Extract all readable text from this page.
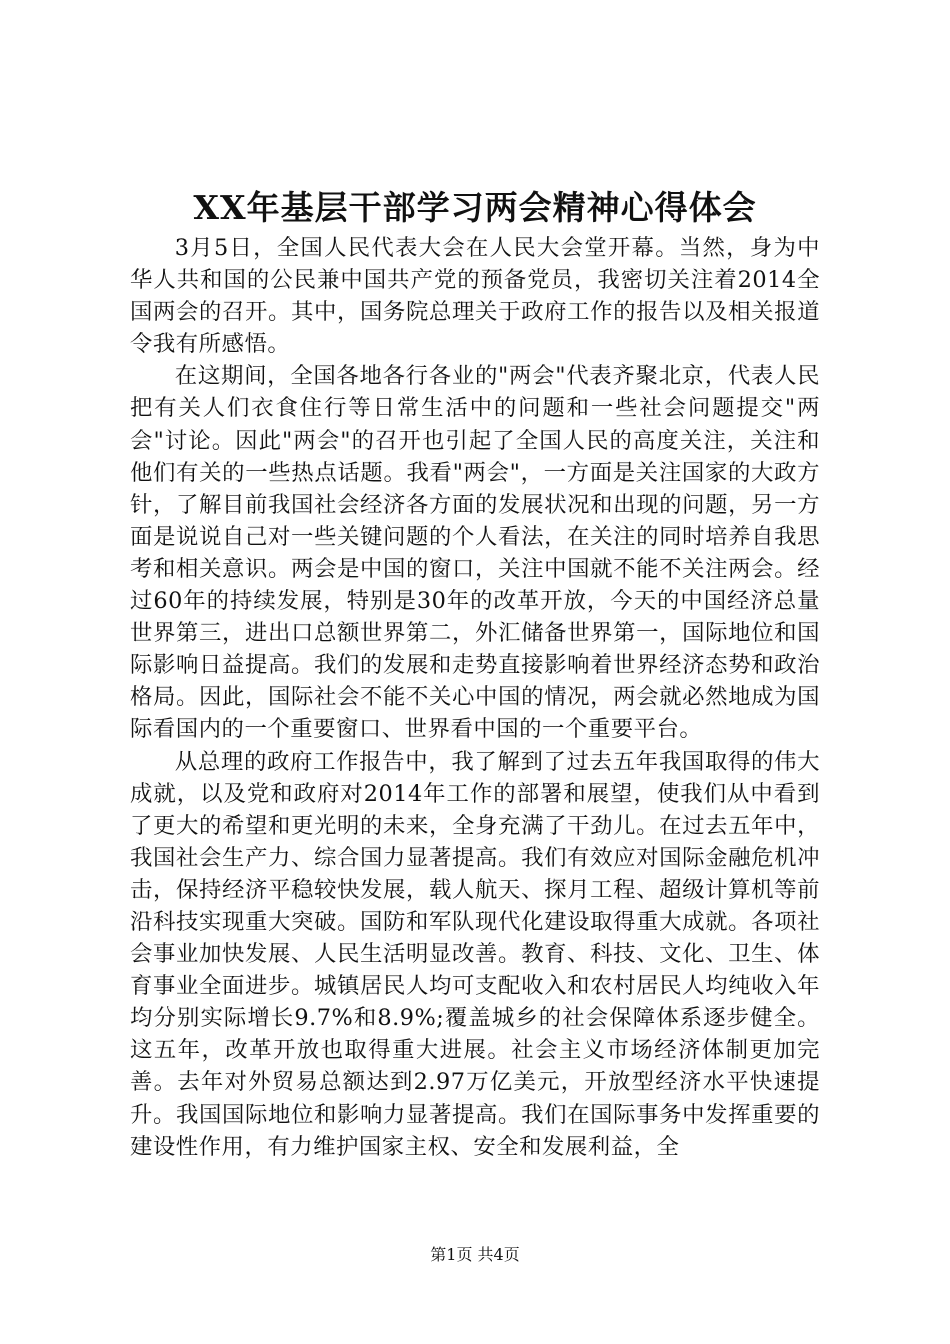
XX年基层干部学习两会精神心得体会

3月5日，全国人民代表大会在人民大会堂开幕。当然，身为中华人共和国的公民兼中国共产党的预备党员，我密切关注着2014全国两会的召开。其中，国务院总理关于政府工作的报告以及相关报道令我有所感悟。

在这期间，全国各地各行各业的"两会"代表齐聚北京，代表人民把有关人们衣食住行等日常生活中的问题和一些社会问题提交"两会"讨论。因此"两会"的召开也引起了全国人民的高度关注，关注和他们有关的一些热点话题。我看"两会"，一方面是关注国家的大政方针，了解目前我国社会经济各方面的发展状况和出现的问题，另一方面是说说自己对一些关键问题的个人看法，在关注的同时培养自我思考和相关意识。两会是中国的窗口，关注中国就不能不关注两会。经过60年的持续发展，特别是30年的改革开放，今天的中国经济总量世界第三，进出口总额世界第二，外汇储备世界第一，国际地位和国际影响日益提高。我们的发展和走势直接影响着世界经济态势和政治格局。因此，国际社会不能不关心中国的情况，两会就必然地成为国际看国内的一个重要窗口、世界看中国的一个重要平台。

从总理的政府工作报告中，我了解到了过去五年我国取得的伟大成就，以及党和政府对2014年工作的部署和展望，使我们从中看到了更大的希望和更光明的未来，全身充满了干劲儿。在过去五年中，我国社会生产力、综合国力显著提高。我们有效应对国际金融危机冲击，保持经济平稳较快发展，载人航天、探月工程、超级计算机等前沿科技实现重大突破。国防和军队现代化建设取得重大成就。各项社会事业加快发展、人民生活明显改善。教育、科技、文化、卫生、体育事业全面进步。城镇居民人均可支配收入和农村居民人均纯收入年均分别实际增长9.7%和8.9%;覆盖城乡的社会保障体系逐步健全。这五年，改革开放也取得重大进展。社会主义市场经济体制更加完善。去年对外贸易总额达到2.97万亿美元，开放型经济水平快速提升。我国国际地位和影响力显著提高。我们在国际事务中发挥重要的建设性作用，有力维护国家主权、安全和发展利益，全

第1页 共4页
